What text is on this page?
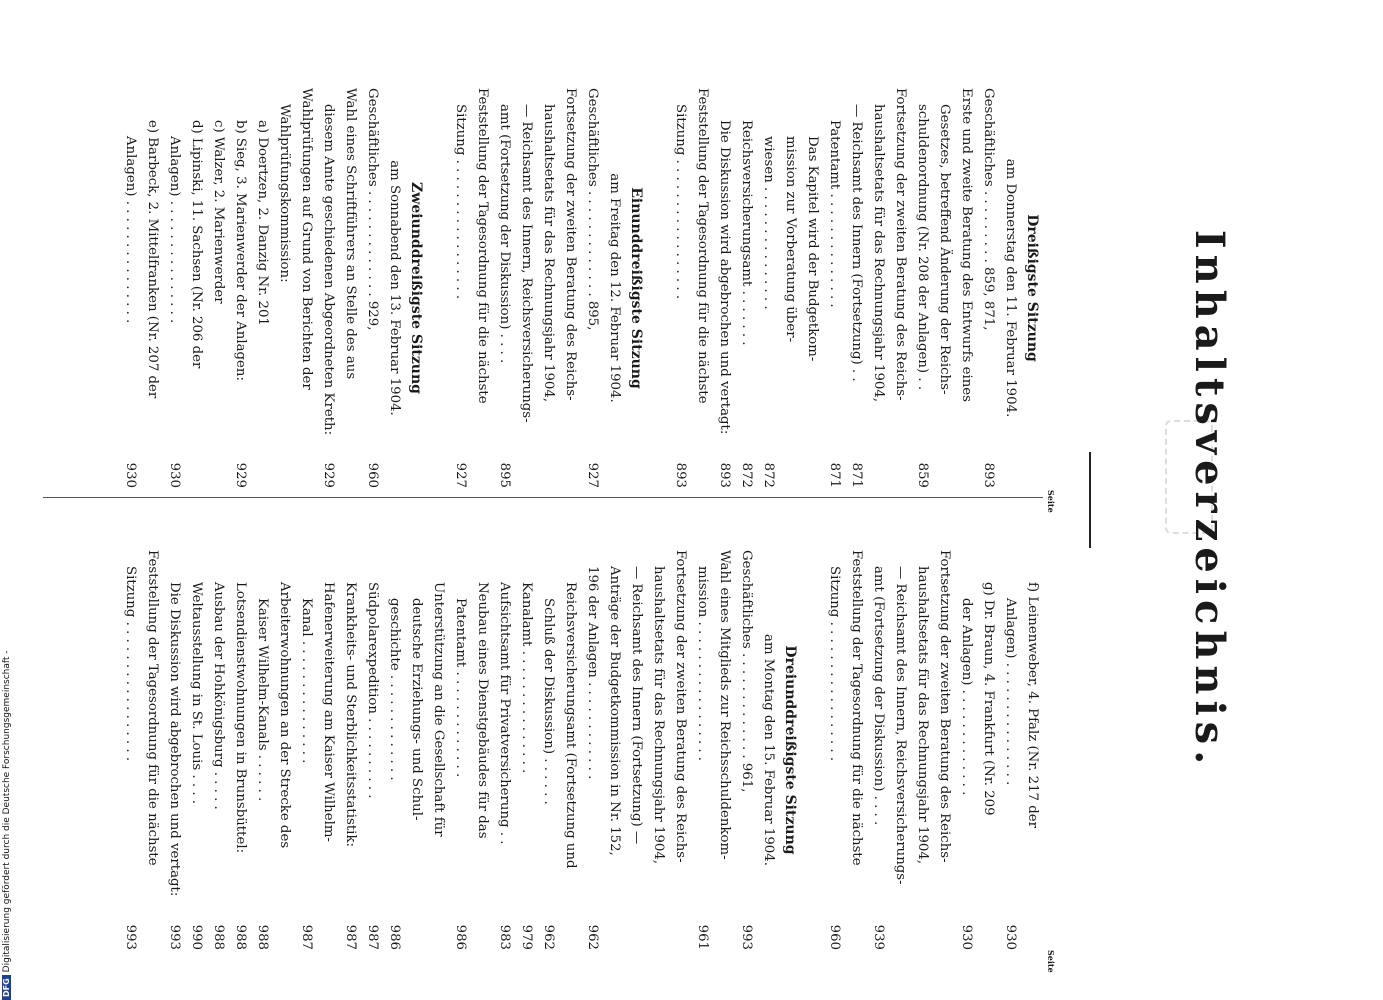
Inhaltsverzeichnis.
Seite
Seite
Dreißigste Sitzung
am Donnerstag den 11. Februar 1904.
Geschäftliches . . . . . . . . . 859, 871,
893
Erste und zweite Beratung des Entwurfs eines
Gesetzes, betreffend Änderung der Reichs-
schuldenordnung (Nr. 208 der Anlagen) . .
859
Fortsetzung der zweiten Beratung des Reichs-
haushaltsetats für das Rechnungsjahr 1904,
— Reichsamt des Innern (Fortsetzung) . .
871
Patentamt . . . . . . . . . . . . . .
871
Das Kapitel wird der Budgetkom-
mission zur Vorberatung über-
wiesen . . . . . . . . . . . . . . .
872
Reichsversicherungsamt . . . . . . .
872
Die Diskussion wird abgebrochen und vertagt:
893
Feststellung der Tagesordnung für die nächste
Sitzung . . . . . . . . . . . . . . . . .
893
Einunddreißigste Sitzung
am Freitag den 12. Februar 1904.
Geschäftliches . . . . . . . . . . . . . 895,
927
Fortsetzung der zweiten Beratung des Reichs-
haushaltsetats für das Rechnungsjahr 1904,
— Reichsamt des Innern, Reichsversicherungs-
amt (Fortsetzung der Diskussion) . . . .
895
Feststellung der Tagesordnung für die nächste
Sitzung . . . . . . . . . . . . . . . . .
927
Zweiunddreißigste Sitzung
am Sonnabend den 13. Februar 1904.
Geschäftliches . . . . . . . . . . . . . 929,
960
Wahl eines Schriftführers an Stelle des aus
diesem Amte geschiedenen Abgeordneten Kreth:
929
Wahlprüfungen auf Grund von Berichten der
Wahlprüfungskommission:
a) Doertzen, 2. Danzig Nr. 201
b) Sieg, 3. Marienwerder der Anlagen:
929
c) Walzer, 2. Marienwerder
d) Lipinski, 11. Sachsen (Nr. 206 der
Anlagen) . . . . . . . . . . . . . . .
930
e) Barbeck, 2. Mittelfranken (Nr. 207 der
Anlagen) . . . . . . . . . . . . . . .
930
f) Leinenweber, 4. Pfalz (Nr. 217 der
Anlagen) . . . . . . . . . . . . . . .
930
g) Dr. Braun, 4. Frankfurt (Nr. 209
der Anlagen) . . . . . . . . . . . . .
930
Fortsetzung der zweiten Beratung des Reichs-
haushaltsetats für das Rechnungsjahr 1904,
— Reichsamt des Innern, Reichsversicherungs-
amt (Fortsetzung der Diskussion) . . . .
939
Feststellung der Tagesordnung für die nächste
Sitzung . . . . . . . . . . . . . . . . .
960
Dreiunddreißigste Sitzung
am Montag den 15. Februar 1904.
Geschäftliches . . . . . . . . . . . . . 961,
993
Wahl eines Mitglieds zur Reichsschuldenkom-
mission . . . . . . . . . . . . . . . . .
961
Fortsetzung der zweiten Beratung des Reichs-
haushaltsetats für das Rechnungsjahr 1904,
— Reichsamt des Innern (Fortsetzung) —
Anträge der Budgetkommission in Nr. 152,
196 der Anlagen . . . . . . . . . . . .
962
Reichsversicherungsamt (Fortsetzung und
Schluß der Diskussion) . . . . . .
962
Kanalamt . . . . . . . . . . . . . . .
979
Aufsichtsamt für Privatversicherung . .
983
Neubau eines Dienstgebäudes für das
Patentamt . . . . . . . . . . . . .
986
Unterstützung an die Gesellschaft für
deutsche Erziehungs- und Schul-
geschichte . . . . . . . . . . . . .
986
Südpolarexpedition . . . . . . . . . .
987
Krankheits- und Sterblichkeitsstatistik:
987
Hafenerweiterung am Kaiser Wilhelm-
Kanal . . . . . . . . . . . . . . .
987
Arbeiterwohnungen an der Strecke des
Kaiser Wilhelm-Kanals . . . . . .
988
Lotsendienstwohnungen in Brunsbüttel:
988
Ausbau der Hohkönigsburg . . . . .
988
Weltausstellung in St. Louis . . . .
990
Die Diskussion wird abgebrochen und vertagt:
993
Feststellung der Tagesordnung für die nächste
Sitzung . . . . . . . . . . . . . . . . .
993
DFGDigitalisierung gefördert durch die Deutsche Forschungsgemeinschaft -
